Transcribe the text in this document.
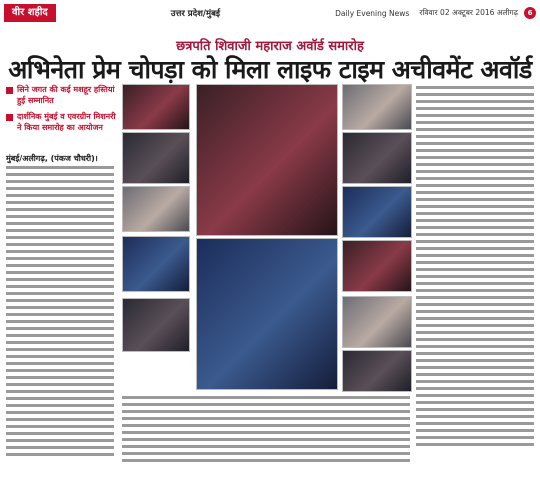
वीर शहीद	उत्तर प्रदेश/मुंबई	Daily Evening News रविवार 02 अक्टूबर 2016 अलीगढ़	6
छत्रपति शिवाजी महाराज अवॉर्ड समारोह
अभिनेता प्रेम चोपड़ा को मिला लाइफ टाइम अचीवमेंट अवॉर्ड
सिने जगत की कई मशहूर हस्तियां हुई सम्मानित
दार्शनिक मुंबई व एवरग्रीन मिशनरी ने किया समारोह का आयोजन
मुंबई/अलीगढ़, (पंकज चौधरी)।
